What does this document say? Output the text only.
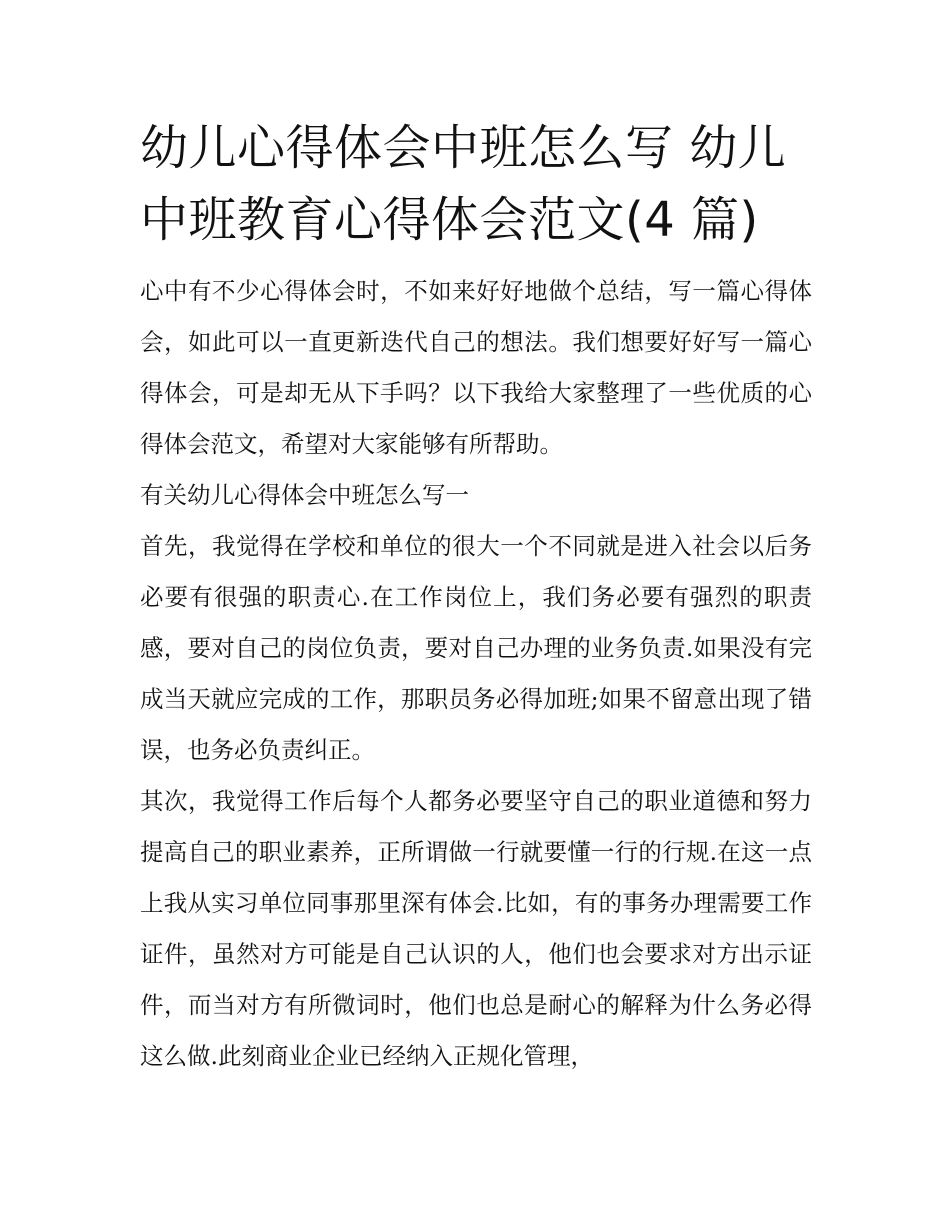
幼儿心得体会中班怎么写 幼儿中班教育心得体会范文(4 篇)

心中有不少心得体会时，不如来好好地做个总结，写一篇心得体会，如此可以一直更新迭代自己的想法。我们想要好好写一篇心得体会，可是却无从下手吗？以下我给大家整理了一些优质的心得体会范文，希望对大家能够有所帮助。

有关幼儿心得体会中班怎么写一

首先，我觉得在学校和单位的很大一个不同就是进入社会以后务必要有很强的职责心.在工作岗位上，我们务必要有强烈的职责感，要对自己的岗位负责，要对自己办理的业务负责.如果没有完成当天就应完成的工作，那职员务必得加班;如果不留意出现了错误，也务必负责纠正。

其次，我觉得工作后每个人都务必要坚守自己的职业道德和努力提高自己的职业素养，正所谓做一行就要懂一行的行规.在这一点上我从实习单位同事那里深有体会.比如，有的事务办理需要工作证件，虽然对方可能是自己认识的人，他们也会要求对方出示证件，而当对方有所微词时，他们也总是耐心的解释为什么务必得这么做.此刻商业企业已经纳入正规化管理，
